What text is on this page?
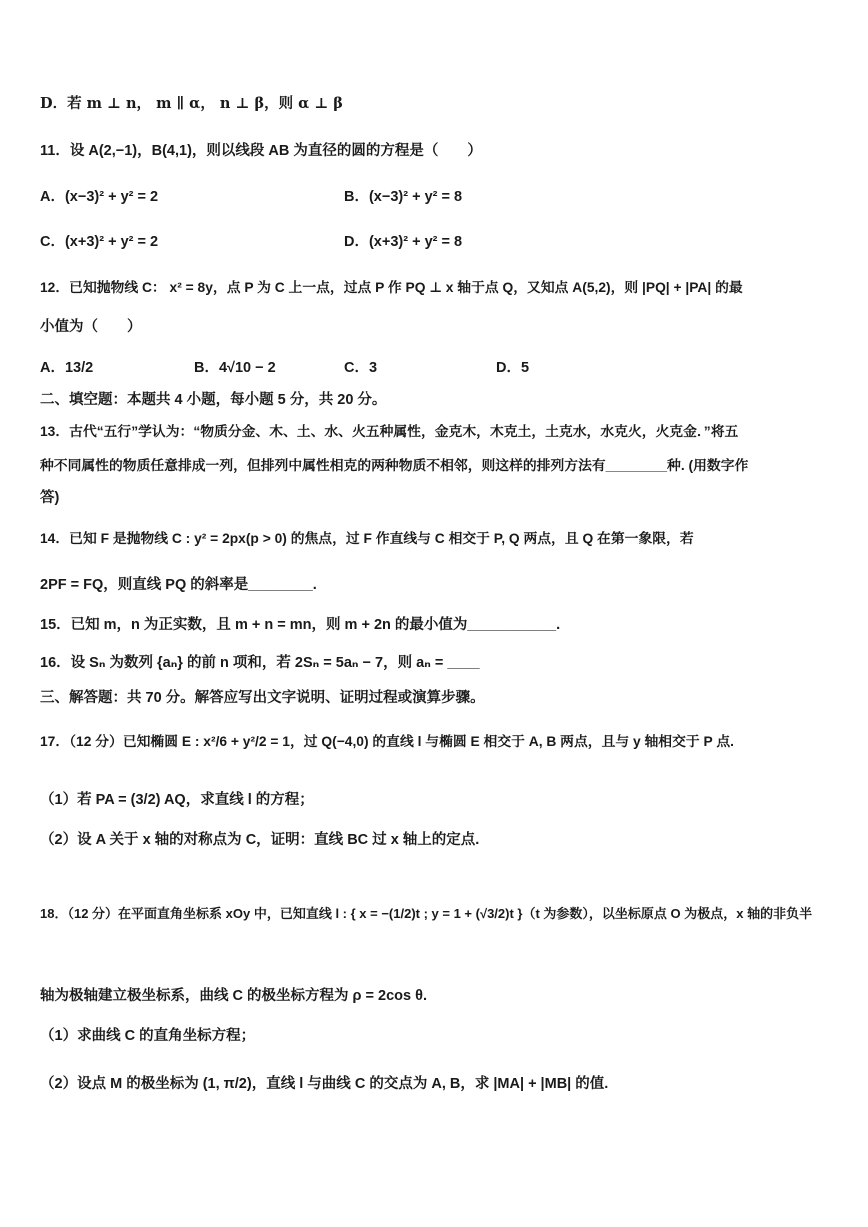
D．若 m ⊥ n， m ∥ α， n ⊥ β，则 α ⊥ β
11．设 A(2,−1)，B(4,1)，则以线段 AB 为直径的圆的方程是（　　）
A．(x−3)² + y² = 2	B．(x−3)² + y² = 8
C．(x+3)² + y² = 2	D．(x+3)² + y² = 8
12．已知抛物线 C： x² = 8y，点 P 为 C 上一点，过点 P 作 PQ ⊥ x 轴于点 Q，又知点 A(5,2)，则 |PQ| + |PA| 的最
小值为（　　）
A．13/2	B．4√10 − 2	C．3	D．5
二、填空题：本题共 4 小题，每小题 5 分，共 20 分。
13．古代“五行”学认为：“物质分金、木、土、水、火五种属性，金克木，木克土，土克水，水克火，火克金．”将五
种不同属性的物质任意排成一列，但排列中属性相克的两种物质不相邻，则这样的排列方法有________种. (用数字作
答)
14．已知 F 是抛物线 C : y² = 2px(p > 0) 的焦点，过 F 作直线与 C 相交于 P, Q 两点，且 Q 在第一象限，若
2PF = FQ，则直线 PQ 的斜率是________.
15．已知 m，n 为正实数，且 m + n = mn，则 m + 2n 的最小值为___________.
16．设 Sₙ 为数列 {aₙ} 的前 n 项和，若 2Sₙ = 5aₙ − 7，则 aₙ = ____
三、解答题：共 70 分。解答应写出文字说明、证明过程或演算步骤。
17．（12 分）已知椭圆 E : x²/6 + y²/2 = 1，过 Q(−4,0) 的直线 l 与椭圆 E 相交于 A, B 两点，且与 y 轴相交于 P 点.
（1）若 PA = (3/2) AQ，求直线 l 的方程；
（2）设 A 关于 x 轴的对称点为 C，证明：直线 BC 过 x 轴上的定点.
18．（12 分）在平面直角坐标系 xOy 中，已知直线 l : { x = −(1/2)t ; y = 1 + (√3/2)t }（t 为参数），以坐标原点 O 为极点，x 轴的非负半
轴为极轴建立极坐标系，曲线 C 的极坐标方程为 ρ = 2cos θ.
（1）求曲线 C 的直角坐标方程；
（2）设点 M 的极坐标为 (1, π/2)，直线 l 与曲线 C 的交点为 A, B，求 |MA| + |MB| 的值.
